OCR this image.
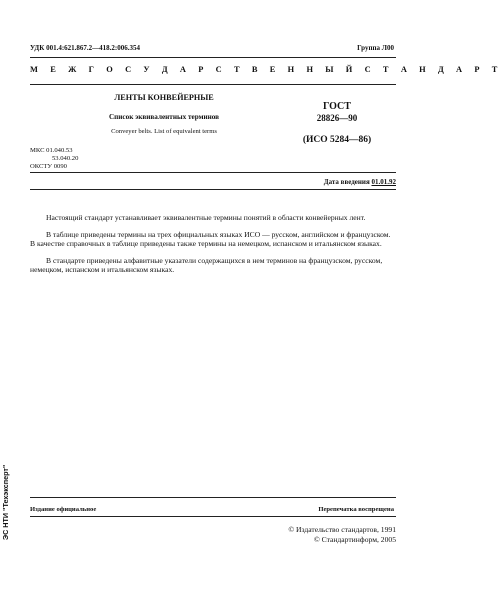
УДК 001.4:621.867.2—418.2:006.354	Группа Л00
М Е Ж Г О С У Д А Р С Т В Е Н Н Ы Й С Т А Н Д А Р Т
ЛЕНТЫ КОНВЕЙЕРНЫЕ
Список эквивалентных терминов
Conveyer belts. List of equivalent terms
ГОСТ
28826—90
(ИСО 5284—86)
МКС 01.040.53
53.040.20
ОКСТУ 0090
Дата введения 01.01.92
Настоящий стандарт устанавливает эквивалентные термины понятий в области конвейерных лент.
В таблице приведены термины на трех официальных языках ИСО — русском, английском и французском. В качестве справочных в таблице приведены также термины на немецком, испанском и итальянском языках.
В стандарте приведены алфавитные указатели содержащихся в нем терминов на французском, русском, немецком, испанском и итальянском языках.
Издание официальное	Перепечатка воспрещена
© Издательство стандартов, 1991
© Стандартинформ, 2005
ЭС НТИ "Техэксперт"
